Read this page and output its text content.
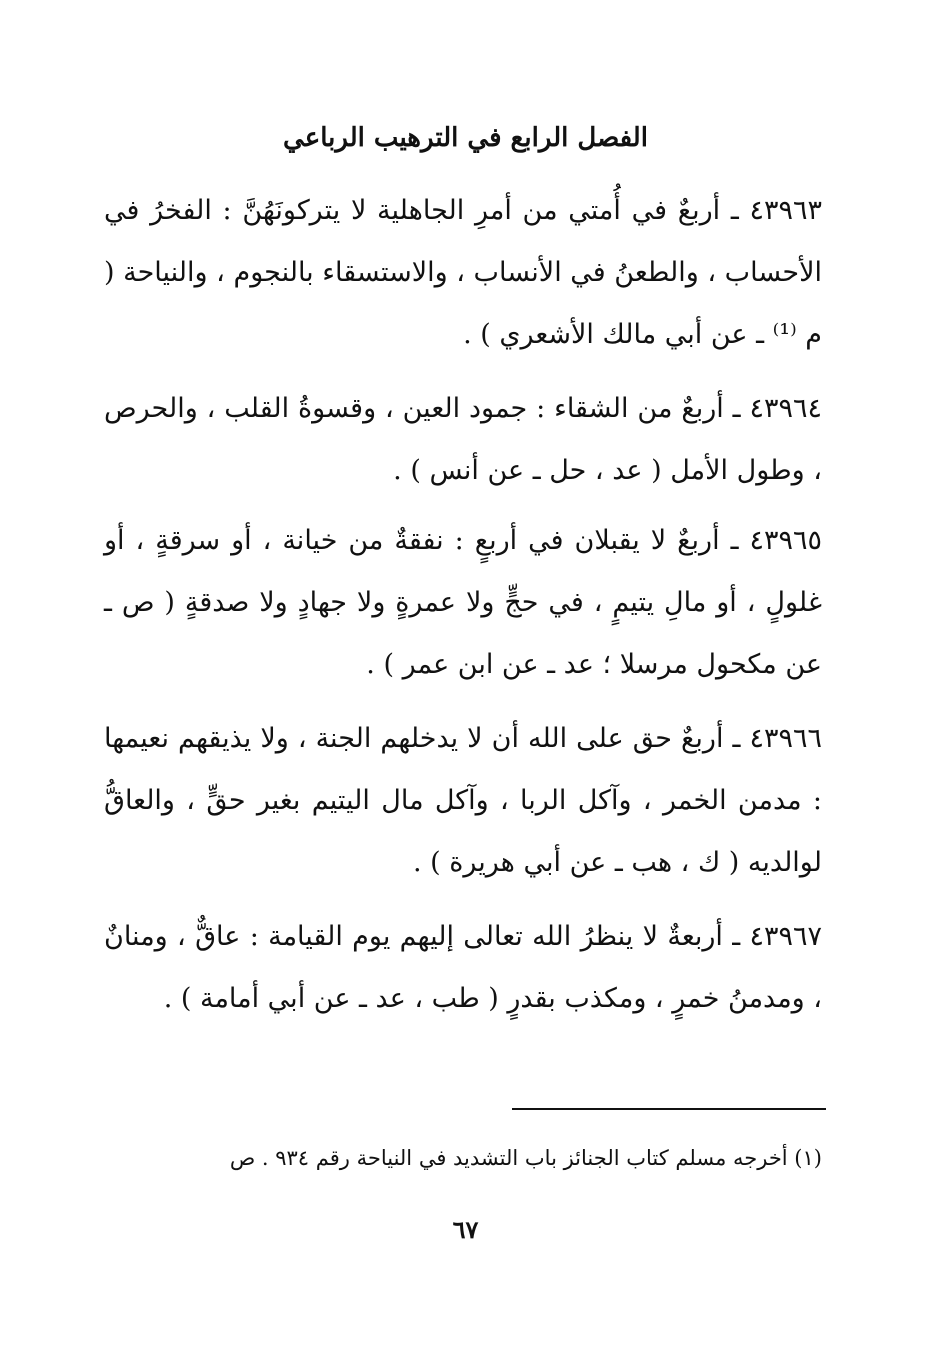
الفصل الرابع في الترهيب الرباعي

٤٣٩٦٣ ـ أربعٌ في أُمتي من أمرِ الجاهلية لا يتركونَهُنَّ : الفخرُ في الأحساب ، والطعنُ في الأنساب ، والاستسقاء بالنجوم ، والنياحة ( م ⁽¹⁾ ـ عن أبي مالك الأشعري ) .

٤٣٩٦٤ ـ أربعٌ من الشقاء : جمود العين ، وقسوةُ القلب ، والحرص ، وطول الأمل ( عد ، حل ـ عن أنس ) .

٤٣٩٦٥ ـ أربعٌ لا يقبلان في أربعٍ : نفقةٌ من خيانة ، أو سرقةٍ ، أو غلولٍ ، أو مالِ يتيمٍ ، في حجٍّ ولا عمرةٍ ولا جهادٍ ولا صدقةٍ ( ص ـ عن مكحول مرسلا ؛ عد ـ عن ابن عمر ) .

٤٣٩٦٦ ـ أربعٌ حق على الله أن لا يدخلهم الجنة ، ولا يذيقهم نعيمها : مدمن الخمر ، وآكل الربا ، وآكل مال اليتيم بغير حقٍّ ، والعاقُّ لوالديه ( ك ، هب ـ عن أبي هريرة ) .

٤٣٩٦٧ ـ أربعةٌ لا ينظرُ الله تعالى إليهم يوم القيامة : عاقٌّ ، ومنانٌ ، ومدمنُ خمرٍ ، ومكذب بقدرٍ ( طب ، عد ـ عن أبي أمامة ) .

(١) أخرجه مسلم كتاب الجنائز باب التشديد في النياحة رقم ٩٣٤ . ص

٦٧
